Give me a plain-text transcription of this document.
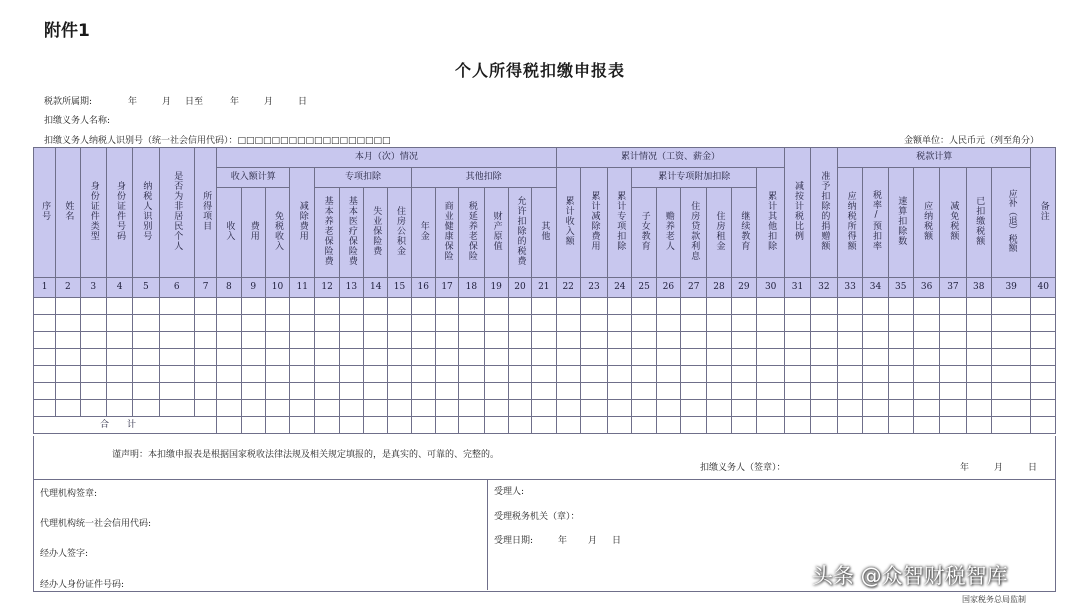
附件1
个人所得税扣缴申报表
税款所属期:	年	月 日至	年	月	日
扣缴义务人名称:
扣缴义务人纳税人识别号（统一社会信用代码）：□□□□□□□□□□□□□□□□□□	金额单位：人民币元（列至角分）
序号	姓名	身份证件类型	身份证件号码	纳税人识别号	是否为非居民个人	所得项目	本月（次）情况														累计情况（工资、薪金）									减按计税比例	准予扣除的捐赠额	税款计算							备注
							收入额计算			减除费用	专项扣除				其他扣除						累计收入额	累计减除费用	累计专项扣除	累计专项附加扣除					累计其他扣除			应纳税所得额	税率/预扣率	速算扣除数	应纳税额	减免税额	已扣缴税额	应补（退）税额	
							收入	费用	免税收入		基本养老保险费	基本医疗保险费	失业保险费	住房公积金	年金	商业健康保险	税延养老保险	财产原值	允许扣除的税费	其他				子女教育	赡养老人	住房贷款利息	住房租金	继续教育											
1	2	3	4	5	6	7	8	9	10	11	12	13	14	15	16	17	18	19	20	21	22	23	24	25	26	27	28	29	30	31	32	33	34	35	36	37	38	39	40

合　　计																																							
谨声明：本扣缴申报表是根据国家税收法律法规及相关规定填报的，是真实的、可靠的、完整的。
扣缴义务人（签章）：	年	月	日
代理机构签章:
代理机构统一社会信用代码:
经办人签字:
经办人身份证件号码:
受理人:
受理税务机关（章）：
受理日期:	年 月 日
头条 @众智财税智库
国家税务总局监制
